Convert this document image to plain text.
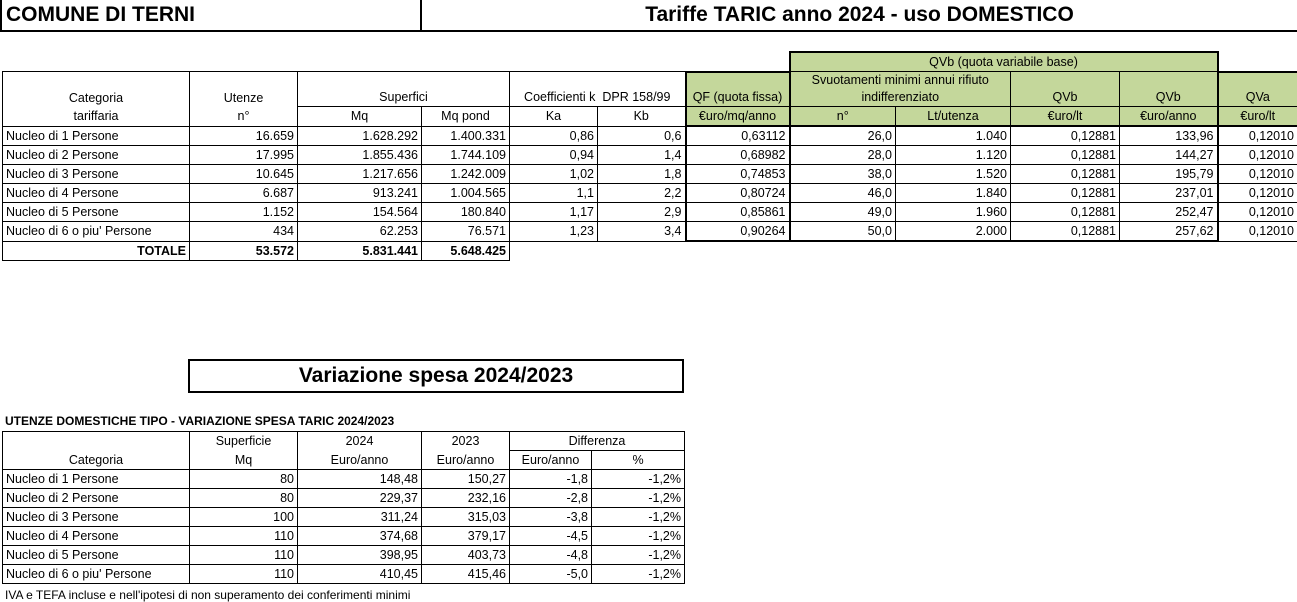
COMUNE DI TERNI	Tariffe TARIC anno 2024 - uso DOMESTICO
							QVb (quota variabile base)				
Categoria	Utenze	Superfici		Coefficienti k DPR 158/99		QF (quota fissa)	Svuotamenti minimi annui rifiuto indifferenziato		QVb	QVb	QVa

tariffaria	n°	Mq	Mq pond	Ka	Kb	€uro/mq/anno	n°	Lt/utenza	€uro/lt	€uro/anno	€uro/lt
Nucleo di 1 Persone	16.659	1.628.292	1.400.331	0,86	0,6	0,63112	26,0	1.040	0,12881	133,96	0,12010
Nucleo di 2 Persone	17.995	1.855.436	1.744.109	0,94	1,4	0,68982	28,0	1.120	0,12881	144,27	0,12010
Nucleo di 3 Persone	10.645	1.217.656	1.242.009	1,02	1,8	0,74853	38,0	1.520	0,12881	195,79	0,12010
Nucleo di 4 Persone	6.687	913.241	1.004.565	1,1	2,2	0,80724	46,0	1.840	0,12881	237,01	0,12010
Nucleo di 5 Persone	1.152	154.564	180.840	1,17	2,9	0,85861	49,0	1.960	0,12881	252,47	0,12010
Nucleo di 6 o piu' Persone	434	62.253	76.571	1,23	3,4	0,90264	50,0	2.000	0,12881	257,62	0,12010
TOTALE	53.572	5.831.441	5.648.425								
Variazione spesa 2024/2023
UTENZE DOMESTICHE TIPO - VARIAZIONE SPESA TARIC 2024/2023
Categoria	Superficie	2024	2023	Differenza	
	Mq	Euro/anno	Euro/anno	Euro/anno	%
Nucleo di 1 Persone	80	148,48	150,27	-1,8	-1,2%
Nucleo di 2 Persone	80	229,37	232,16	-2,8	-1,2%
Nucleo di 3 Persone	100	311,24	315,03	-3,8	-1,2%
Nucleo di 4 Persone	110	374,68	379,17	-4,5	-1,2%
Nucleo di 5 Persone	110	398,95	403,73	-4,8	-1,2%
Nucleo di 6 o piu' Persone	110	410,45	415,46	-5,0	-1,2%
IVA e TEFA incluse e nell'ipotesi di non superamento dei conferimenti minimi
